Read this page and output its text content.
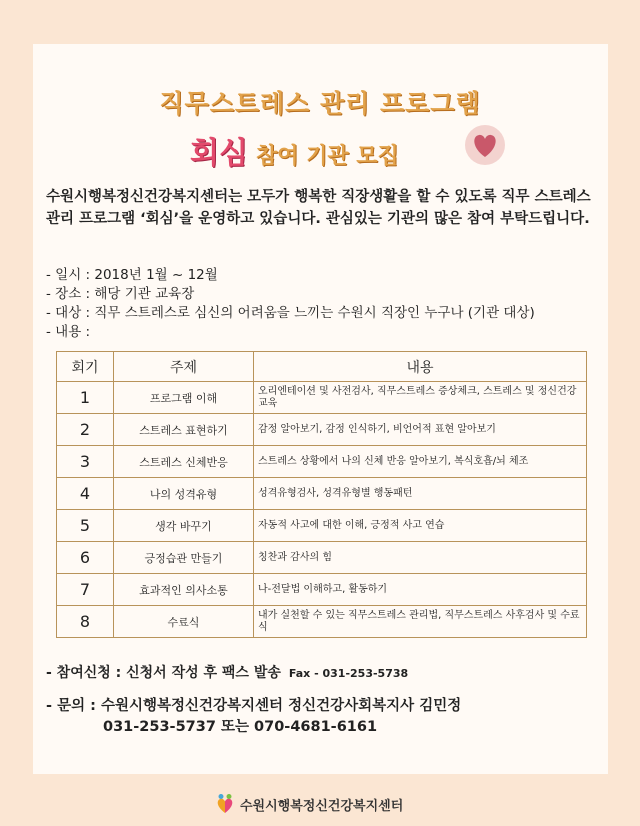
직무스트레스 관리 프로그램
회심 참여 기관 모집
수원시행복정신건강복지센터는 모두가 행복한 직장생활을 할 수 있도록 직무 스트레스 관리 프로그램 ‘회심’을 운영하고 있습니다. 관심있는 기관의 많은 참여 부탁드립니다.
- 일시 : 2018년 1월 ~ 12월
- 장소 : 해당 기관 교육장
- 대상 : 직무 스트레스로 심신의 어려움을 느끼는 수원시 직장인 누구나 (기관 대상)
- 내용 :
회기	주제	내용
1	프로그램 이해	오리엔테이션 및 사전검사, 직무스트레스 증상체크, 스트레스 및 정신건강교육
2	스트레스 표현하기	감정 알아보기, 감정 인식하기, 비언어적 표현 알아보기
3	스트레스 신체반응	스트레스 상황에서 나의 신체 반응 알아보기, 복식호흡/뇌 체조
4	나의 성격유형	성격유형검사, 성격유형별 행동패턴
5	생각 바꾸기	자동적 사고에 대한 이해, 긍정적 사고 연습
6	긍정습관 만들기	칭찬과 감사의 힘
7	효과적인 의사소통	나-전달법 이해하고, 활동하기
8	수료식	내가 실천할 수 있는 직무스트레스 관리법, 직무스트레스 사후검사 및 수료식
- 참여신청 : 신청서 작성 후 팩스 발송 Fax - 031-253-5738
- 문의 : 수원시행복정신건강복지센터 정신건강사회복지사 김민정
031-253-5737 또는 070-4681-6161
수원시행복정신건강복지센터
